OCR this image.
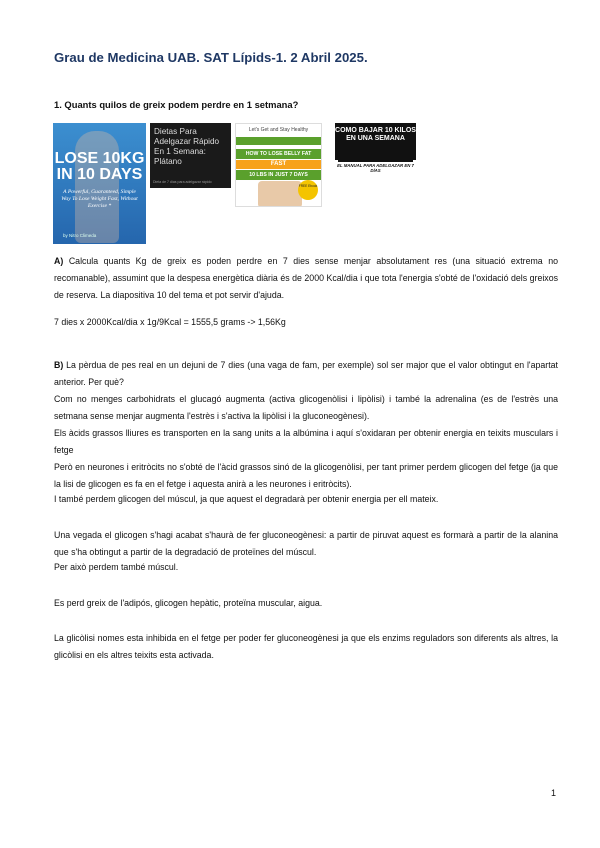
Grau de Medicina UAB. SAT Lípids-1. 2 Abril 2025.
1. Quants quilos de greix podem perdre en 1 setmana?
LOSE 10KG IN 10 DAYS
A Powerful, Guaranteed, Simple Way To Lose Weight Fast, Without Exercise *
by Nitro Climeda
Dietas Para Adelgazar Rápido En 1 Semana: Plátano
Dieta de 7 días para adelgazar rápido
Let's Get and Stay Healthy
HOW TO LOSE BELLY FAT
FAST
10 LBS IN JUST 7 DAYS
FREE Ebook
COMO BAJAR 10 KILOS EN UNA SEMANA
EL MANUAL PARA ADELGAZAR EN 7 DÍAS
A) Calcula quants Kg de greix es poden perdre en 7 dies sense menjar absolutament res (una situació extrema no recomanable), assumint que la despesa energètica diària és de 2000 Kcal/dia i que tota l'energia s'obté de l'oxidació dels greixos de reserva. La diapositiva 10 del tema et pot servir d'ajuda.
7 dies x 2000Kcal/dia x 1g/9Kcal = 1555,5 grams -> 1,56Kg
B) La pèrdua de pes real en un dejuni de 7 dies (una vaga de fam, per exemple) sol ser major que el valor obtingut en l'apartat anterior. Per què?
Com no menges carbohidrats el glucagó augmenta (activa glicogenòlisi i lipòlisi) i també la adrenalina (es de l'estrès una setmana sense menjar augmenta l'estrès i s'activa la lipòlisi i la gluconeogènesi).
Els àcids grassos lliures es transporten en la sang units a la albúmina i aquí s'oxidaran per obtenir energia en teixits musculars i fetge
Però en neurones i eritròcits no s'obté de l'àcid grassos sinó de la glicogenòlisi, per tant primer perdem glicogen del fetge (ja que la lisi de glicogen es fa en el fetge i aquesta anirà a les neurones i eritròcits).
I també perdem glicogen del múscul, ja que aquest el degradarà per obtenir energia per ell mateix.
Una vegada el glicogen s'hagi acabat s'haurà de fer gluconeogènesi: a partir de piruvat aquest es formarà a partir de la alanina que s'ha obtingut a partir de la degradació de proteïnes del múscul.
Per això perdem també múscul.
Es perd greix de l'adipós, glicogen hepàtic, proteïna muscular, aigua.
La glicòlisi nomes esta inhibida en el fetge per poder fer gluconeogènesi ja que els enzims reguladors son diferents als altres, la glicòlisi en els altres teixits esta activada.
1
